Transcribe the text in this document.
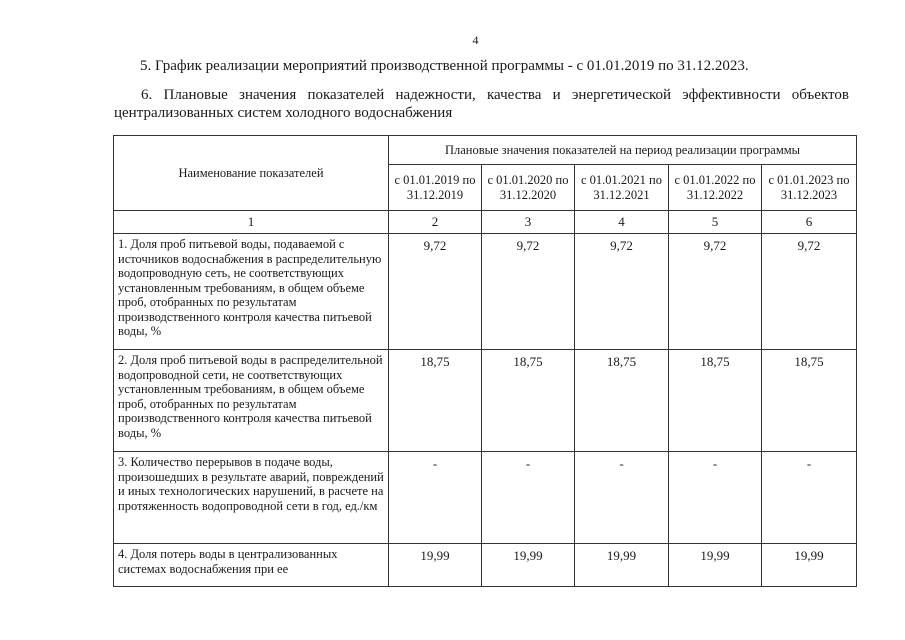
4
5. График реализации мероприятий производственной программы - с 01.01.2019 по 31.12.2023.
6. Плановые значения показателей надежности, качества и энергетической эффективности объектов централизованных систем холодного водоснабжения
Наименование показателей	Плановые значения показателей на период реализации программы				
	с 01.01.2019 по 31.12.2019	с 01.01.2020 по 31.12.2020	с 01.01.2021 по 31.12.2021	с 01.01.2022 по 31.12.2022	с 01.01.2023 по 31.12.2023
1	2	3	4	5	6
1. Доля проб питьевой воды, подаваемой с источников водоснабжения в распределительную водопроводную сеть, не соответствующих установленным требованиям, в общем объеме проб, отобранных по результатам производственного контроля качества питьевой воды, %	9,72	9,72	9,72	9,72	9,72
2. Доля проб питьевой воды в распределительной водопроводной сети, не соответствующих установленным требованиям, в общем объеме проб, отобранных по результатам производственного контроля качества питьевой воды, %	18,75	18,75	18,75	18,75	18,75
3. Количество перерывов в подаче воды, произошедших в результате аварий, повреждений и иных технологических нарушений, в расчете на протяженность водопроводной сети в год, ед./км	-	-	-	-	-
4. Доля потерь воды в централизованных системах водоснабжения при ее	19,99	19,99	19,99	19,99	19,99
